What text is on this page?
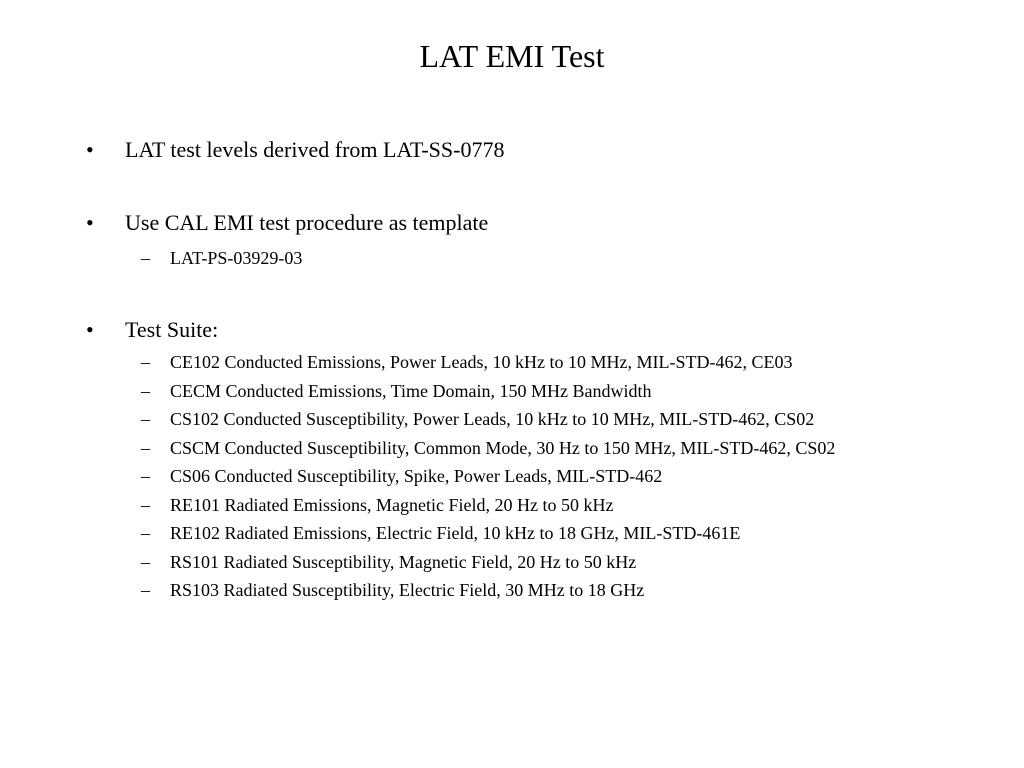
LAT EMI Test
• LAT test levels derived from LAT-SS-0778
• Use CAL EMI test procedure as template
– LAT-PS-03929-03
• Test Suite:
– CE102 Conducted Emissions, Power Leads, 10 kHz to 10 MHz, MIL-STD-462, CE03
– CECM Conducted Emissions, Time Domain, 150 MHz Bandwidth
– CS102 Conducted Susceptibility, Power Leads, 10 kHz to 10 MHz, MIL-STD-462, CS02
– CSCM Conducted Susceptibility, Common Mode, 30 Hz to 150 MHz, MIL-STD-462, CS02
– CS06 Conducted Susceptibility, Spike, Power Leads, MIL-STD-462
– RE101 Radiated Emissions, Magnetic Field, 20 Hz to 50 kHz
– RE102 Radiated Emissions, Electric Field, 10 kHz to 18 GHz, MIL-STD-461E
– RS101 Radiated Susceptibility, Magnetic Field, 20 Hz to 50 kHz
– RS103 Radiated Susceptibility, Electric Field, 30 MHz to 18 GHz
